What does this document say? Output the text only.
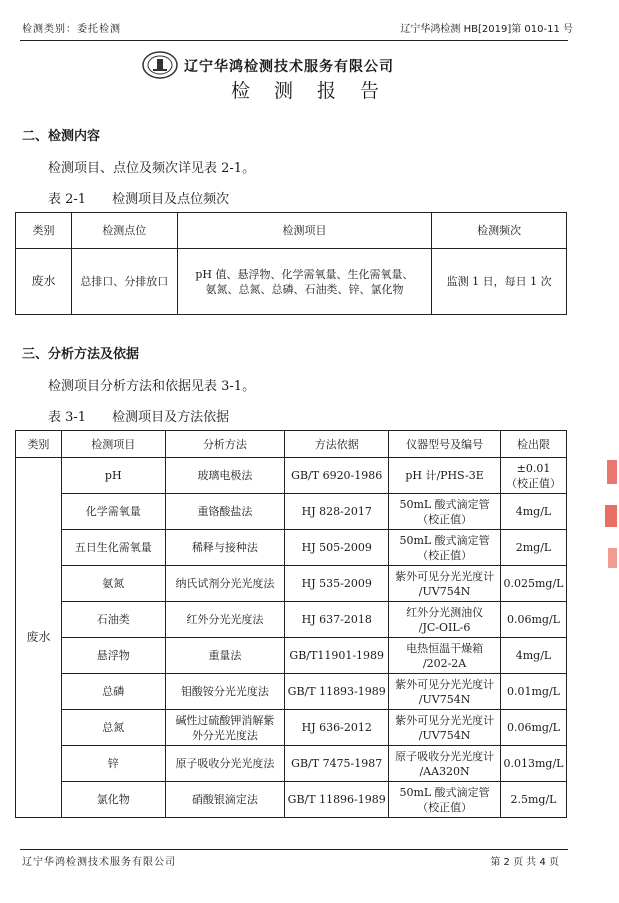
检测类别：委托检测	辽宁华鸿检测 HB[2019]第 010-11 号
辽宁华鸿检测技术服务有限公司
检 测 报 告
二、检测内容
检测项目、点位及频次详见表 2-1。
表 2-1　　检测项目及点位频次
类别	检测点位	检测项目	检测频次
废水	总排口、分排放口	pH 值、悬浮物、化学需氧量、生化需氧量、
氨氮、总氮、总磷、石油类、锌、氯化物	监测 1 日，每日 1 次
三、分析方法及依据
检测项目分析方法和依据见表 3-1。
表 3-1　　检测项目及方法依据
类别	检测项目	分析方法	方法依据	仪器型号及编号	检出限
废水	pH	玻璃电极法	GB/T 6920-1986	pH 计/PHS-3E	±0.01
（校正值）

	化学需氧量	重铬酸盐法	HJ 828-2017	50mL 酸式滴定管
（校正值）	4mg/L

	五日生化需氧量	稀释与接种法	HJ 505-2009	50mL 酸式滴定管
（校正值）	2mg/L

	氨氮	纳氏试剂分光光度法	HJ 535-2009	紫外可见分光光度计
/UV754N	0.025mg/L

	石油类	红外分光光度法	HJ 637-2018	红外分光测油仪
/JC-OIL-6	0.06mg/L

	悬浮物	重量法	GB/T11901-1989	电热恒温干燥箱
/202-2A	4mg/L

	总磷	钼酸铵分光光度法	GB/T 11893-1989	紫外可见分光光度计
/UV754N	0.01mg/L

	总氮	碱性过硫酸钾消解紫外分光光度法	HJ 636-2012	紫外可见分光光度计
/UV754N	0.06mg/L

	锌	原子吸收分光光度法	GB/T 7475-1987	原子吸收分光光度计
/AA320N	0.013mg/L

	氯化物	硝酸银滴定法	GB/T 11896-1989	50mL 酸式滴定管
（校正值）	2.5mg/L
辽宁华鸿检测技术服务有限公司	第 2 页 共 4 页
